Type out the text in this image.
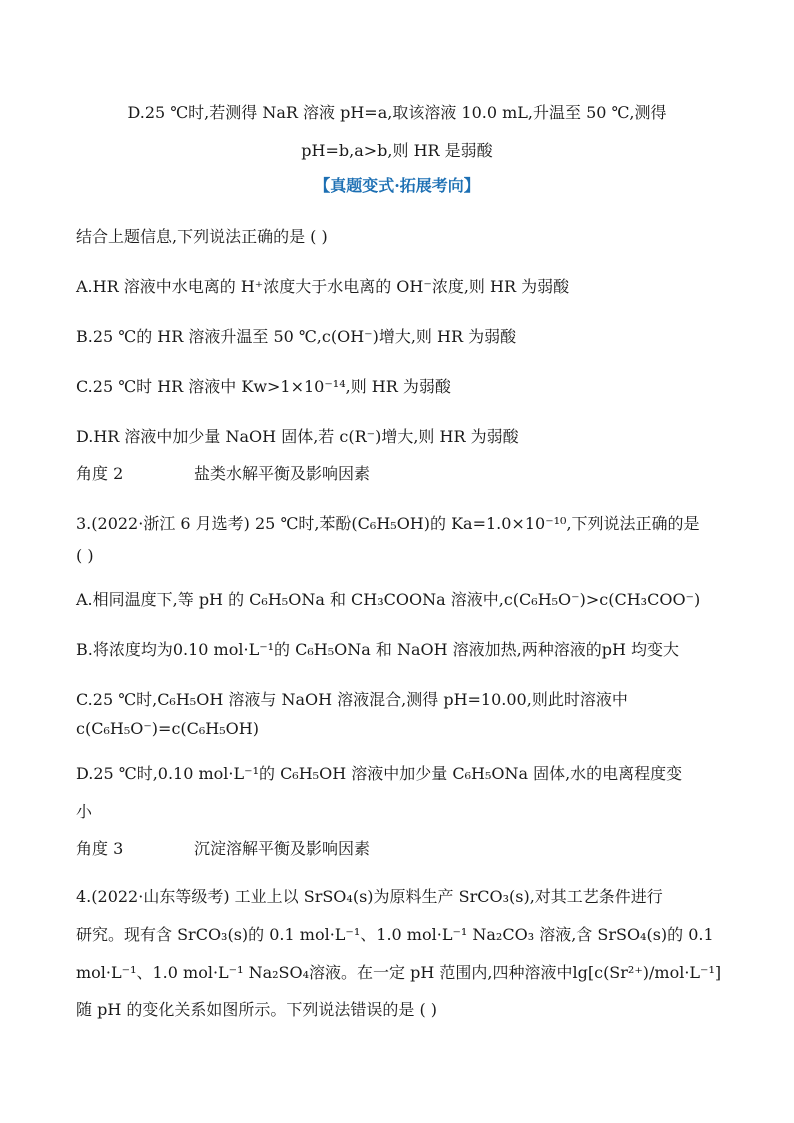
D.25 ℃时,若测得 NaR 溶液 pH=a,取该溶液 10.0 mL,升温至 50 ℃,测得
pH=b,a>b,则 HR 是弱酸
【真题变式·拓展考向】
结合上题信息,下列说法正确的是 ( )
A.HR 溶液中水电离的 H⁺浓度大于水电离的 OH⁻浓度,则 HR 为弱酸
B.25 ℃的 HR 溶液升温至 50 ℃,c(OH⁻)增大,则 HR 为弱酸
C.25 ℃时 HR 溶液中 Kw>1×10⁻¹⁴,则 HR 为弱酸
D.HR 溶液中加少量 NaOH 固体,若 c(R⁻)增大,则 HR 为弱酸
角度 2	盐类水解平衡及影响因素
3.(2022·浙江 6 月选考) 25 ℃时,苯酚(C₆H₅OH)的 Ka=1.0×10⁻¹⁰,下列说法正确的是
( )
A.相同温度下,等 pH 的 C₆H₅ONa 和 CH₃COONa 溶液中,c(C₆H₅O⁻)>c(CH₃COO⁻)
B.将浓度均为0.10 mol·L⁻¹的 C₆H₅ONa 和 NaOH 溶液加热,两种溶液的pH 均变大
C.25 ℃时,C₆H₅OH 溶液与 NaOH 溶液混合,测得 pH=10.00,则此时溶液中
c(C₆H₅O⁻)=c(C₆H₅OH)
D.25 ℃时,0.10 mol·L⁻¹的 C₆H₅OH 溶液中加少量 C₆H₅ONa 固体,水的电离程度变
小
角度 3	沉淀溶解平衡及影响因素
4.(2022·山东等级考) 工业上以 SrSO₄(s)为原料生产 SrCO₃(s),对其工艺条件进行
研究。现有含 SrCO₃(s)的 0.1 mol·L⁻¹、1.0 mol·L⁻¹ Na₂CO₃ 溶液,含 SrSO₄(s)的 0.1
mol·L⁻¹、1.0 mol·L⁻¹ Na₂SO₄溶液。在一定 pH 范围内,四种溶液中lg[c(Sr²⁺)/mol·L⁻¹]
随 pH 的变化关系如图所示。下列说法错误的是 ( )
